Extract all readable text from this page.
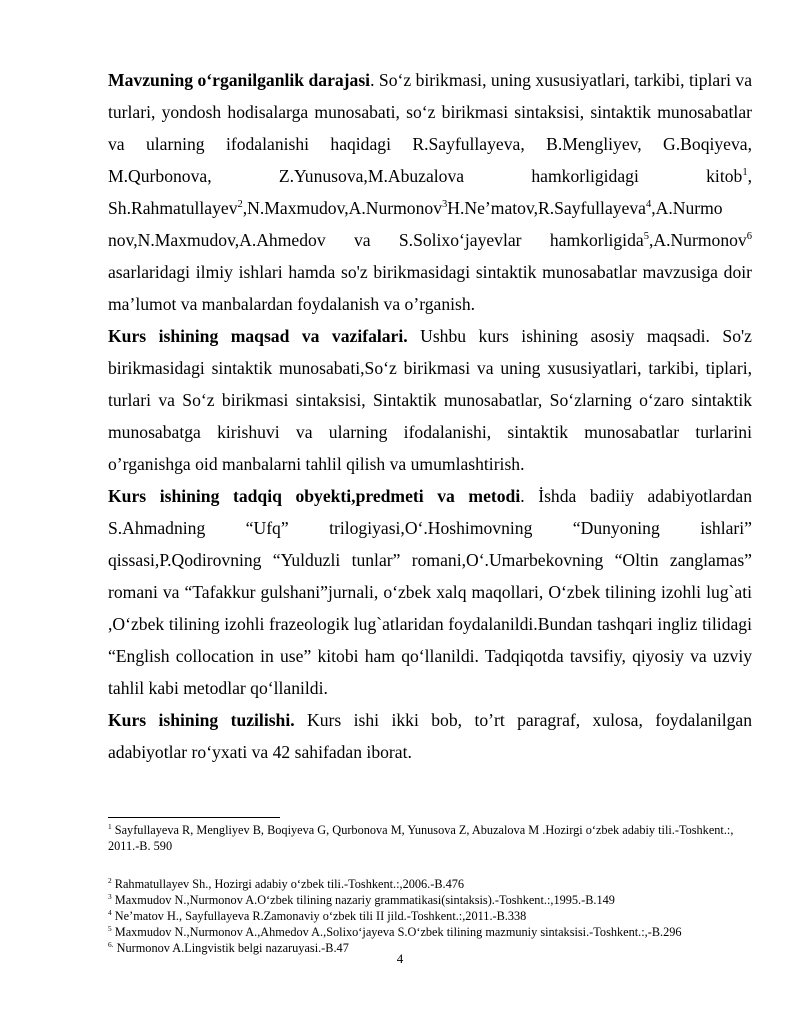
Mavzuning o‘rganilganlik darajasi. So‘z birikmasi, uning xususiyatlari, tarkibi, tiplari va turlari, yondosh hodisalarga munosabati, so‘z birikmasi sintaksisi, sintaktik munosabatlar va ularning ifodalanishi haqidagi R.Sayfullayeva, B.Mengliyev, G.Boqiyeva, M.Qurbonova, Z.Yunusova,M.Abuzalova hamkorligidagi kitob$^1$, Sh.Rahmatullayev$^2$,N.Maxmudov,A.Nurmonov$^3$H.Ne’matov,R.Sayfullayeva$^4$,A.Nurmo nov,N.Maxmudov,A.Ahmedov va S.Solixo‘jayevlar hamkorligida$^5$,A.Nurmonov$^6$ asarlaridagi ilmiy ishlari hamda so'z birikmasidagi sintaktik munosabatlar mavzusiga doir ma’lumot va manbalardan foydalanish va o’rganish.

Kurs ishining maqsad va vazifalari. Ushbu kurs ishining asosiy maqsadi. So'z birikmasidagi sintaktik munosabati,So‘z birikmasi va uning xususiyatlari, tarkibi, tiplari, turlari va So‘z birikmasi sintaksisi, Sintaktik munosabatlar, So‘zlarning o‘zaro sintaktik munosabatga kirishuvi va ularning ifodalanishi, sintaktik munosabatlar turlarini o’rganishga oid manbalarni tahlil qilish va umumlashtirish.

Kurs ishining tadqiq obyekti,predmeti va metodi. İshda badiiy adabiyotlardan S.Ahmadning “Ufq” trilogiyasi,O‘.Hoshimovning “Dunyoning ishlari” qissasi,P.Qodirovning “Yulduzli tunlar” romani,O‘.Umarbekovning “Oltin zanglamas” romani va “Tafakkur gulshani”jurnali, o‘zbek xalq maqollari, O‘zbek tilining izohli lug`ati ,O‘zbek tilining izohli frazeologik lug`atlaridan foydalanildi.Bundan tashqari ingliz tilidagi “English collocation in use” kitobi ham qo‘llanildi. Tadqiqotda tavsifiy, qiyosiy va uzviy tahlil kabi metodlar qo‘llanildi.

Kurs ishining tuzilishi. Kurs ishi ikki bob, to’rt paragraf, xulosa, foydalanilgan adabiyotlar ro‘yxati va 42 sahifadan iborat.

$^1$ Sayfullayeva R, Mengliyev B, Boqiyeva G, Qurbonova M, Yunusova Z, Abuzalova M .Hozirgi o‘zbek adabiy tili.-Toshkent.:, 2011.-B. 590

$^2$ Rahmatullayev Sh., Hozirgi adabiy o‘zbek tili.-Toshkent.:,2006.-B.476

$^3$ Maxmudov N.,Nurmonov A.O‘zbek tilining nazariy grammatikasi(sintaksis).-Toshkent.:,1995.-B.149

$^4$ Ne’matov H., Sayfullayeva R.Zamonaviy o‘zbek tili II jild.-Toshkent.:,2011.-B.338

$^5$ Maxmudov N.,Nurmonov A.,Ahmedov A.,Solixo‘jayeva S.O‘zbek tilining mazmuniy sintaksisi.-Toshkent.:,-B.296

$^{6.}$ Nurmonov A.Lingvistik belgi nazaruyasi.-B.47

4
